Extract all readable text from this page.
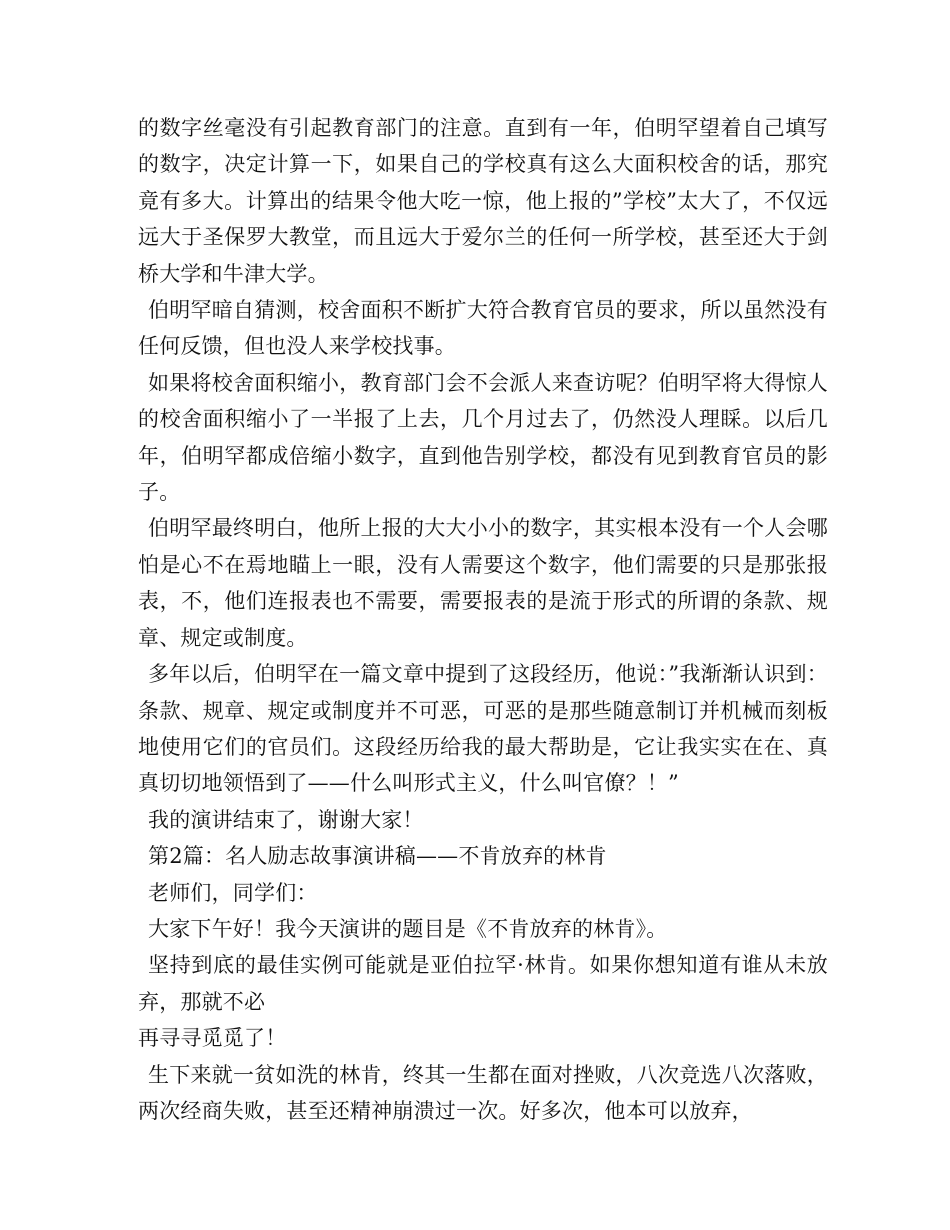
的数字丝毫没有引起教育部门的注意。直到有一年，伯明罕望着自己填写的数字，决定计算一下，如果自己的学校真有这么大面积校舍的话，那究竟有多大。计算出的结果令他大吃一惊，他上报的”学校”太大了，不仅远远大于圣保罗大教堂，而且远大于爱尔兰的任何一所学校，甚至还大于剑桥大学和牛津大学。

伯明罕暗自猜测，校舍面积不断扩大符合教育官员的要求，所以虽然没有任何反馈，但也没人来学校找事。

如果将校舍面积缩小，教育部门会不会派人来查访呢？伯明罕将大得惊人的校舍面积缩小了一半报了上去，几个月过去了，仍然没人理睬。以后几年，伯明罕都成倍缩小数字，直到他告别学校，都没有见到教育官员的影子。

伯明罕最终明白，他所上报的大大小小的数字，其实根本没有一个人会哪怕是心不在焉地瞄上一眼，没有人需要这个数字，他们需要的只是那张报表，不，他们连报表也不需要，需要报表的是流于形式的所谓的条款、规章、规定或制度。

多年以后，伯明罕在一篇文章中提到了这段经历，他说：”我渐渐认识到：条款、规章、规定或制度并不可恶，可恶的是那些随意制订并机械而刻板地使用它们的官员们。这段经历给我的最大帮助是，它让我实实在在、真真切切地领悟到了——什么叫形式主义，什么叫官僚？！”

我的演讲结束了，谢谢大家！

第2篇：名人励志故事演讲稿——不肯放弃的林肯

老师们，同学们：

大家下午好！我今天演讲的题目是《不肯放弃的林肯》。

坚持到底的最佳实例可能就是亚伯拉罕·林肯。如果你想知道有谁从未放弃，那就不必

再寻寻觅觅了！

生下来就一贫如洗的林肯，终其一生都在面对挫败，八次竞选八次落败，两次经商失败，甚至还精神崩溃过一次。好多次，他本可以放弃，
